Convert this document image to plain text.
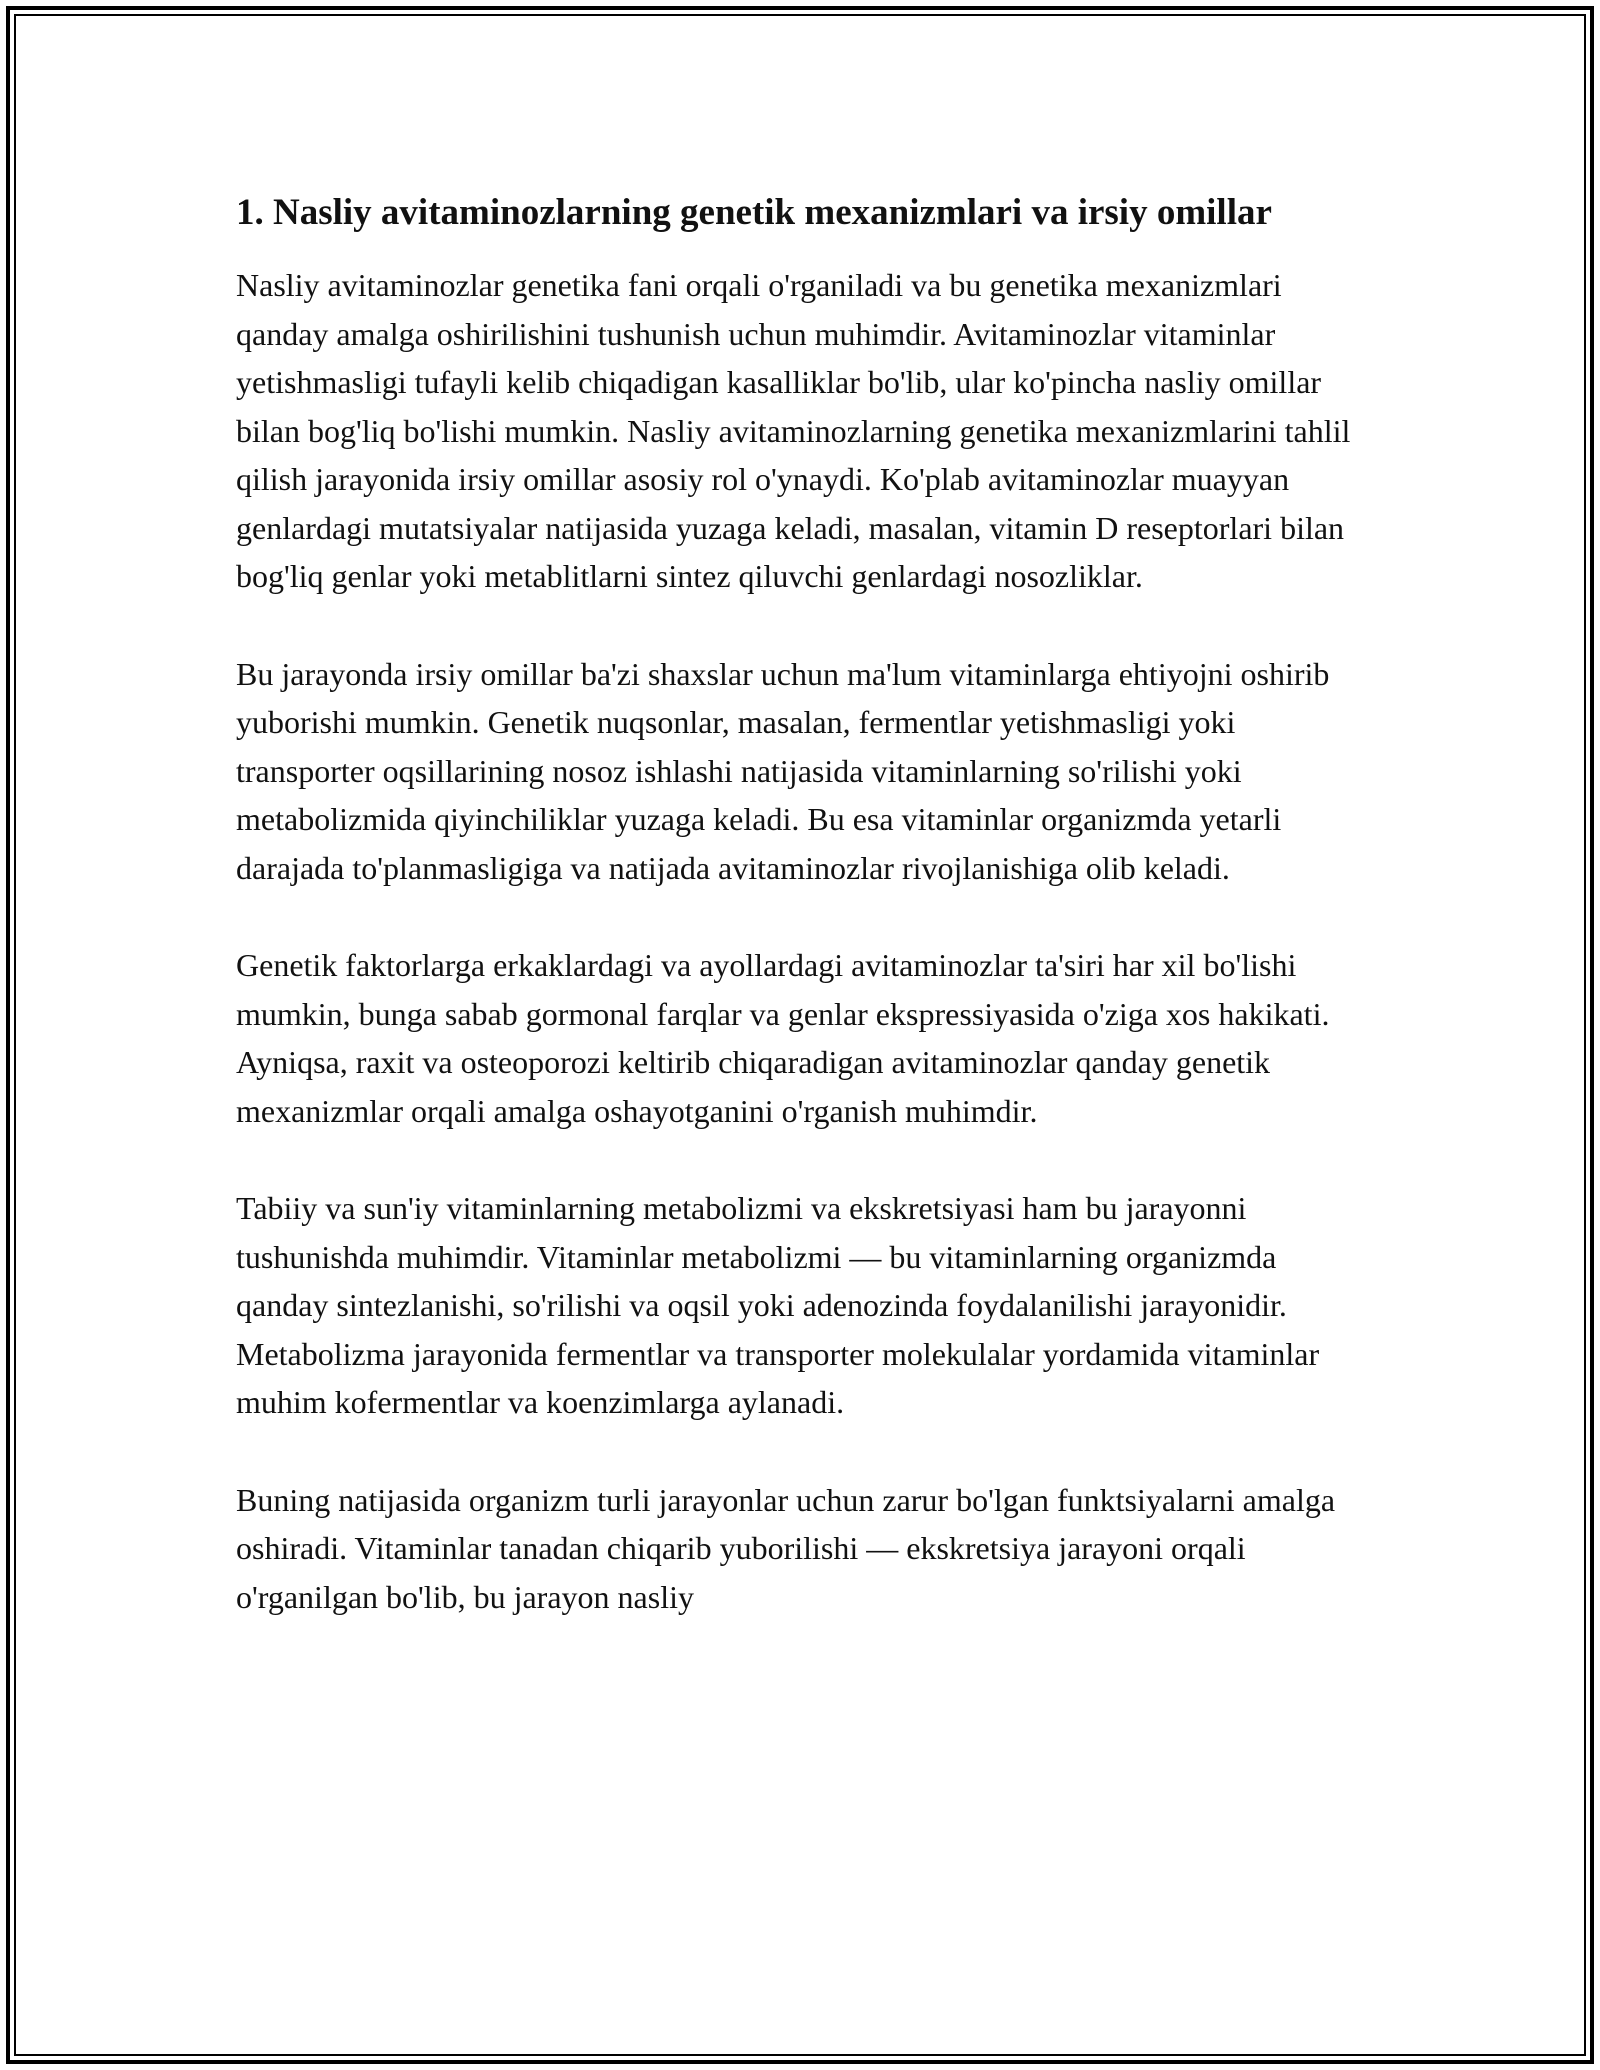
1. Nasliy avitaminozlarning genetik mexanizmlari va irsiy omillar

Nasliy avitaminozlar genetika fani orqali o'rganiladi va bu genetika mexanizmlari qanday amalga oshirilishini tushunish uchun muhimdir. Avitaminozlar vitaminlar yetishmasligi tufayli kelib chiqadigan kasalliklar bo'lib, ular ko'pincha nasliy omillar bilan bog'liq bo'lishi mumkin. Nasliy avitaminozlarning genetika mexanizmlarini tahlil qilish jarayonida irsiy omillar asosiy rol o'ynaydi. Ko'plab avitaminozlar muayyan genlardagi mutatsiyalar natijasida yuzaga keladi, masalan, vitamin D reseptorlari bilan bog'liq genlar yoki metablitlarni sintez qiluvchi genlardagi nosozliklar.

Bu jarayonda irsiy omillar ba'zi shaxslar uchun ma'lum vitaminlarga ehtiyojni oshirib yuborishi mumkin. Genetik nuqsonlar, masalan, fermentlar yetishmasligi yoki transporter oqsillarining nosoz ishlashi natijasida vitaminlarning so'rilishi yoki metabolizmida qiyinchiliklar yuzaga keladi. Bu esa vitaminlar organizmda yetarli darajada to'planmasligiga va natijada avitaminozlar rivojlanishiga olib keladi.

Genetik faktorlarga erkaklardagi va ayollardagi avitaminozlar ta'siri har xil bo'lishi mumkin, bunga sabab gormonal farqlar va genlar ekspressiyasida o'ziga xos hakikati. Ayniqsa, raxit va osteoporozi keltirib chiqaradigan avitaminozlar qanday genetik mexanizmlar orqali amalga oshayotganini o'rganish muhimdir.

Tabiiy va sun'iy vitaminlarning metabolizmi va ekskretsiyasi ham bu jarayonni tushunishda muhimdir. Vitaminlar metabolizmi — bu vitaminlarning organizmda qanday sintezlanishi, so'rilishi va oqsil yoki adenozinda foydalanilishi jarayonidir. Metabolizma jarayonida fermentlar va transporter molekulalar yordamida vitaminlar muhim kofermentlar va koenzimlarga aylanadi.

Buning natijasida organizm turli jarayonlar uchun zarur bo'lgan funktsiyalarni amalga oshiradi. Vitaminlar tanadan chiqarib yuborilishi — ekskretsiya jarayoni orqali o'rganilgan bo'lib, bu jarayon nasliy
